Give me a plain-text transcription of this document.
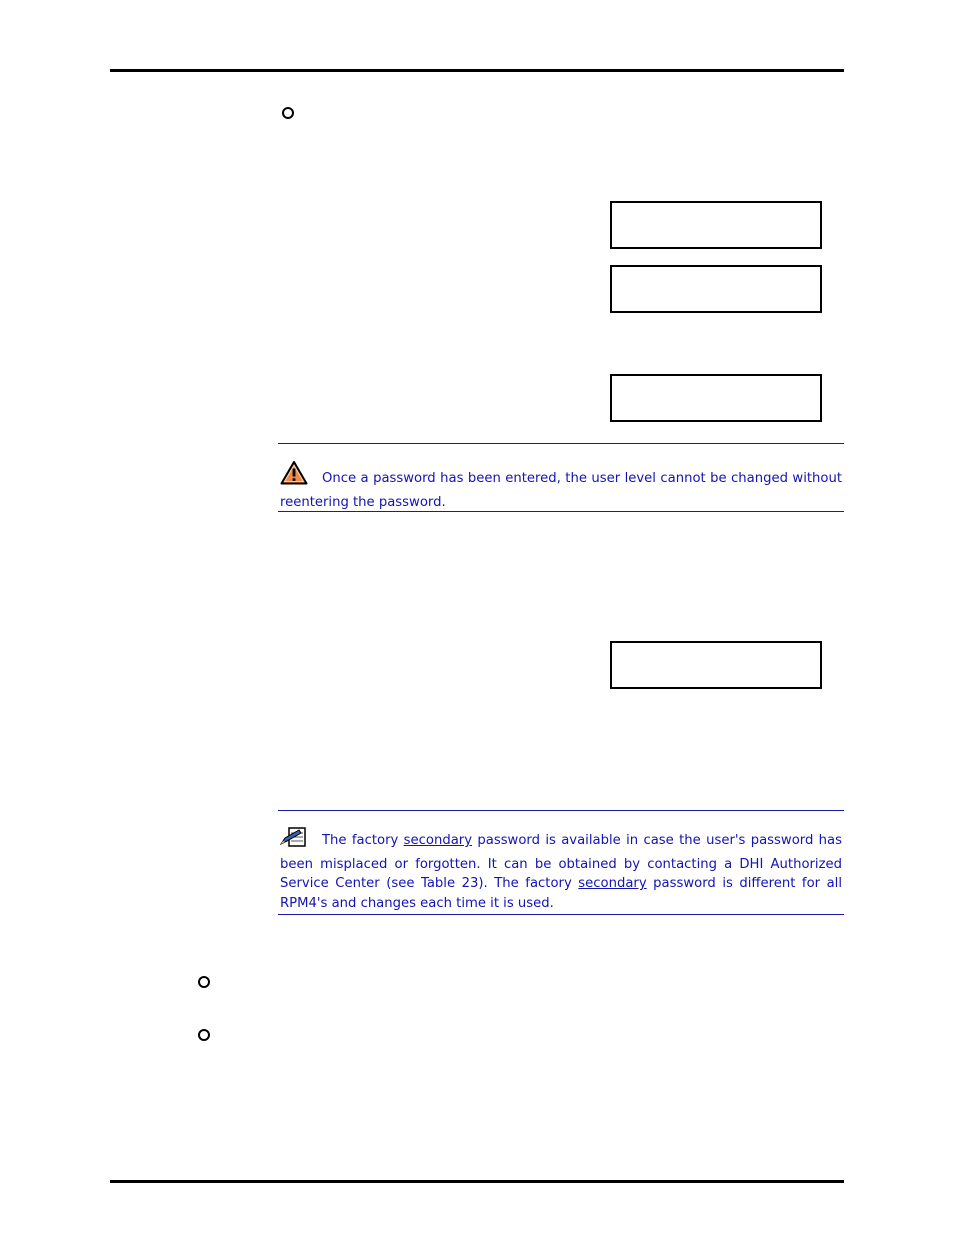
Once a password has been entered, the user level cannot be changed without reentering the password.

The factory secondary password is available in case the user's password has been misplaced or forgotten. It can be obtained by contacting a DHI Authorized Service Center (see Table 23). The factory secondary password is different for all RPM4's and changes each time it is used.
